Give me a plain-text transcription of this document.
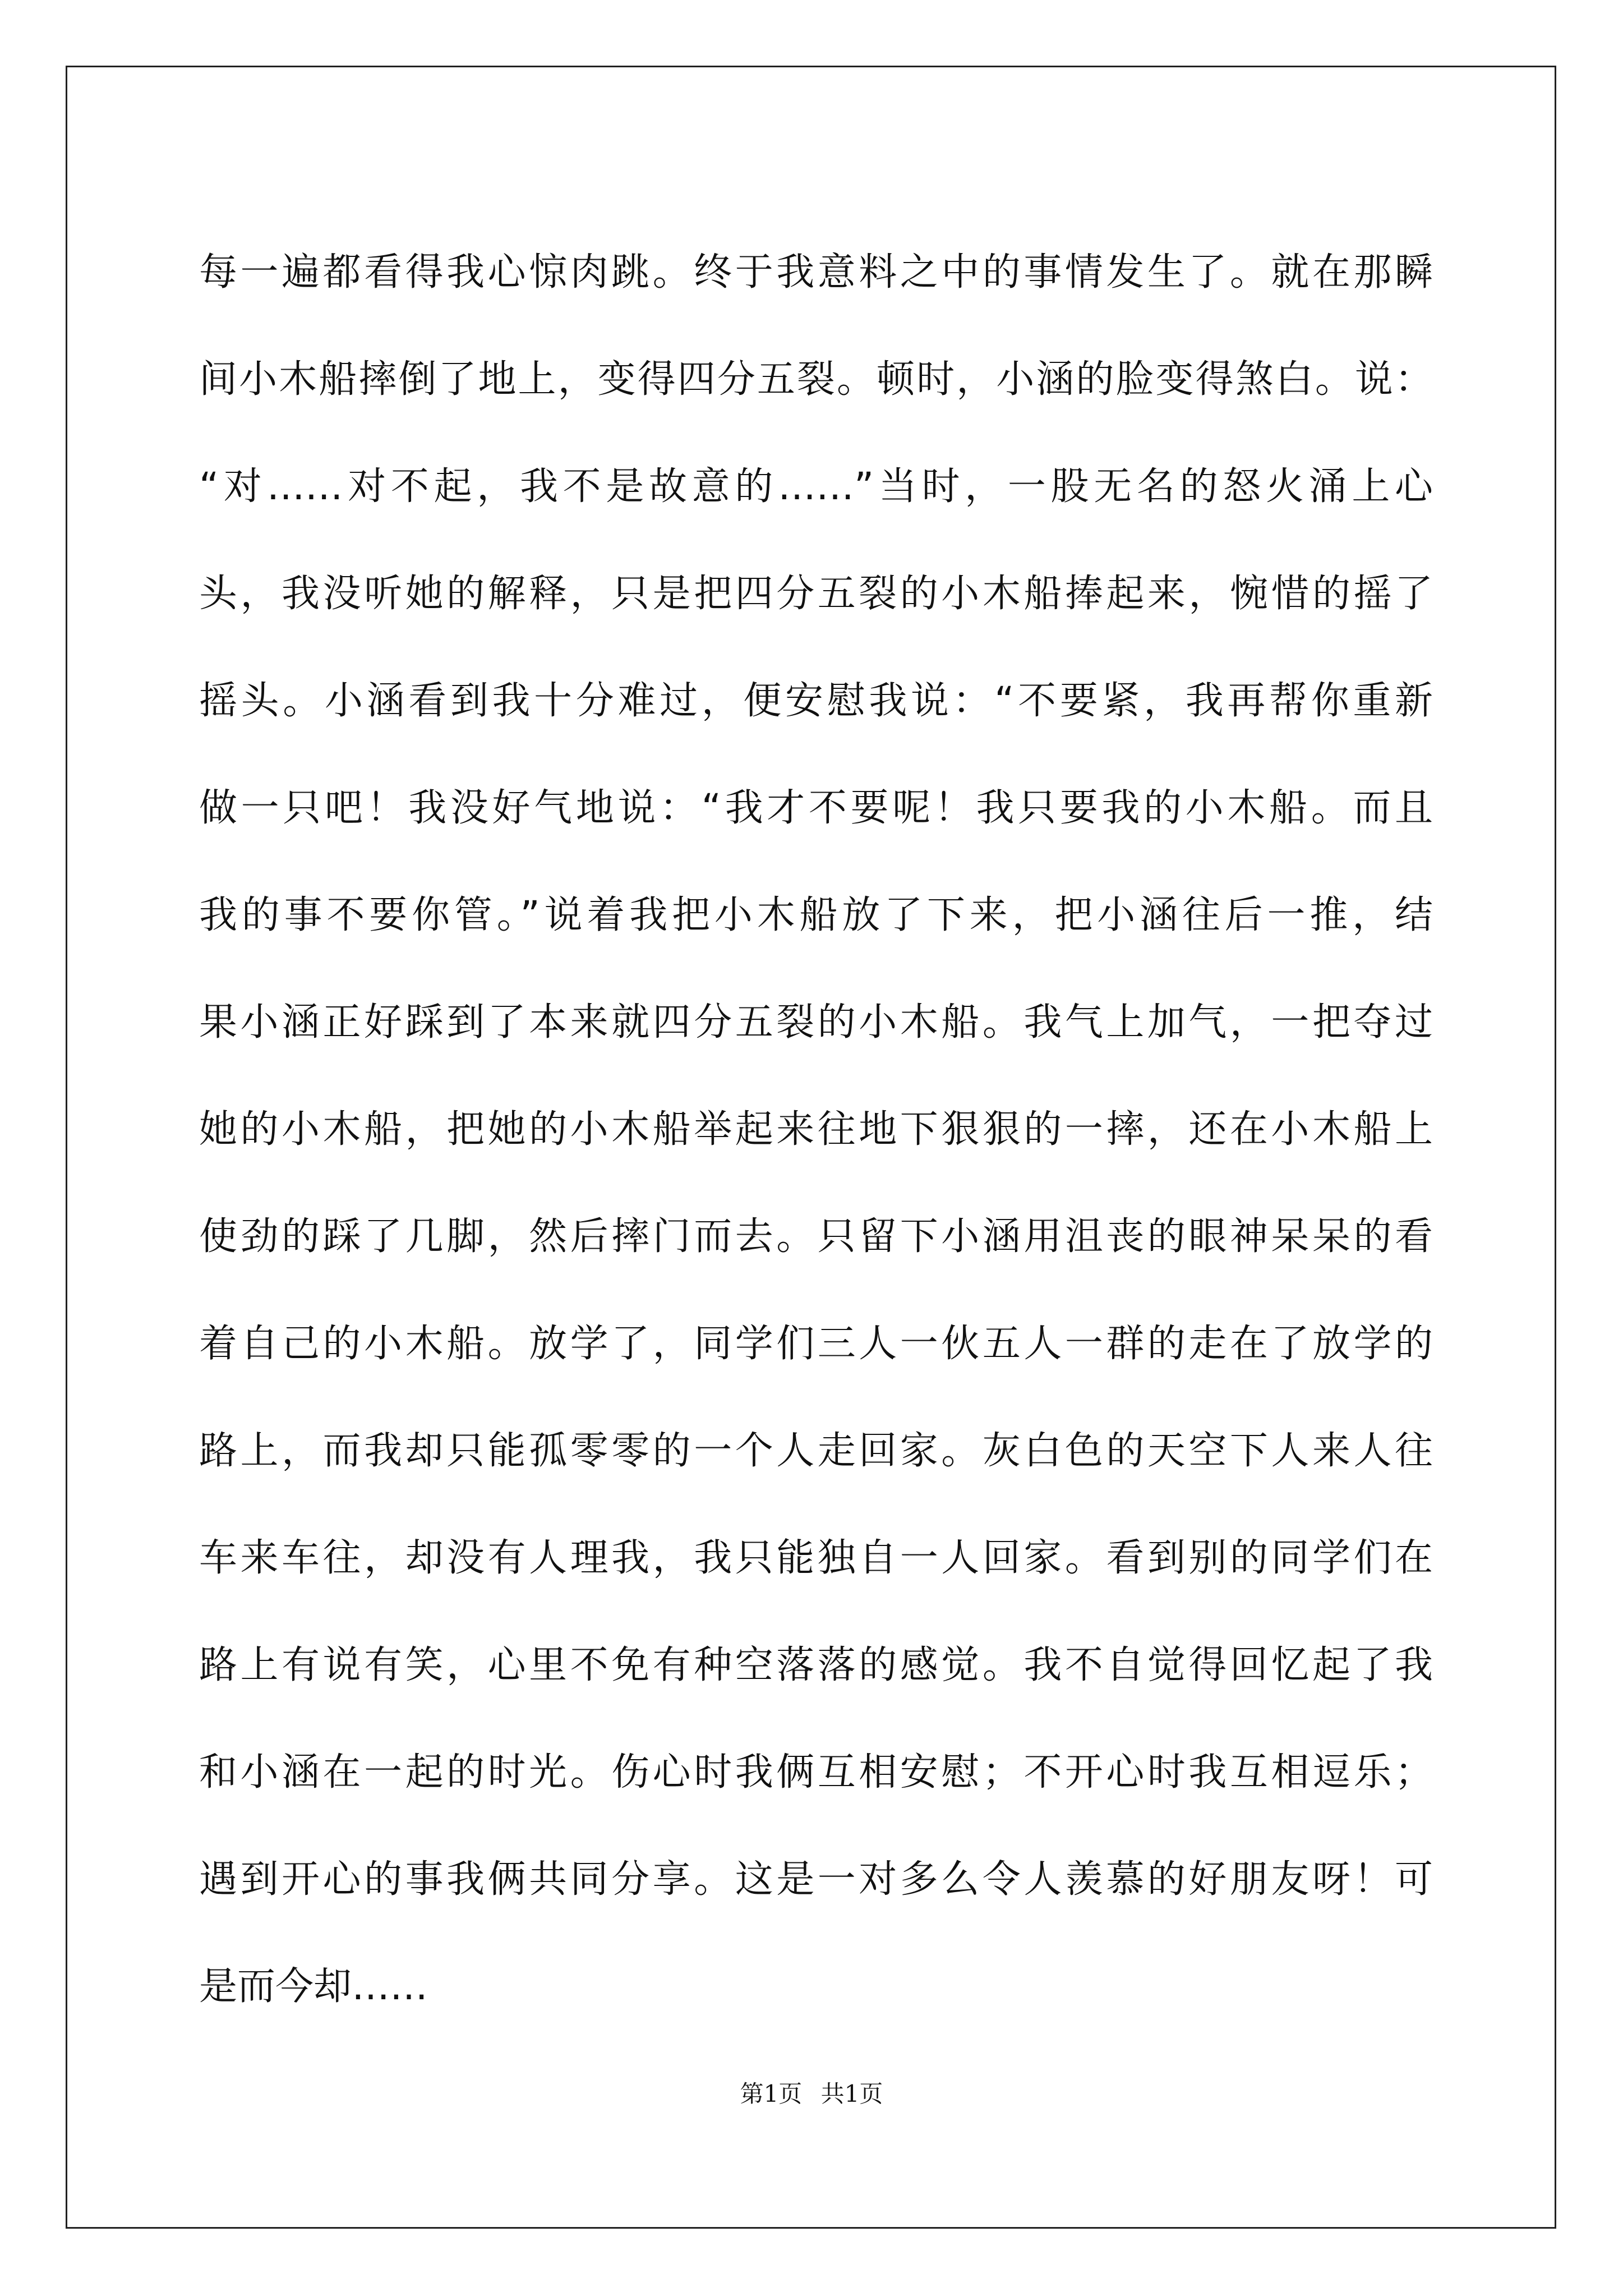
每一遍都看得我心惊肉跳。终于我意料之中的事情发生了。就在那瞬
间小木船摔倒了地上，变得四分五裂。顿时，小涵的脸变得煞白。说：
“对……对不起，我不是故意的……”当时，一股无名的怒火涌上心
头，我没听她的解释，只是把四分五裂的小木船捧起来，惋惜的摇了
摇头。小涵看到我十分难过，便安慰我说：“不要紧，我再帮你重新
做一只吧！我没好气地说：“我才不要呢！我只要我的小木船。而且
我的事不要你管。”说着我把小木船放了下来，把小涵往后一推，结
果小涵正好踩到了本来就四分五裂的小木船。我气上加气，一把夺过
她的小木船，把她的小木船举起来往地下狠狠的一摔，还在小木船上
使劲的踩了几脚，然后摔门而去。只留下小涵用沮丧的眼神呆呆的看
着自己的小木船。放学了，同学们三人一伙五人一群的走在了放学的
路上，而我却只能孤零零的一个人走回家。灰白色的天空下人来人往
车来车往，却没有人理我，我只能独自一人回家。看到别的同学们在
路上有说有笑，心里不免有种空落落的感觉。我不自觉得回忆起了我
和小涵在一起的时光。伤心时我俩互相安慰；不开心时我互相逗乐；
遇到开心的事我俩共同分享。这是一对多么令人羡慕的好朋友呀！可
是而今却……
第1页 共1页
